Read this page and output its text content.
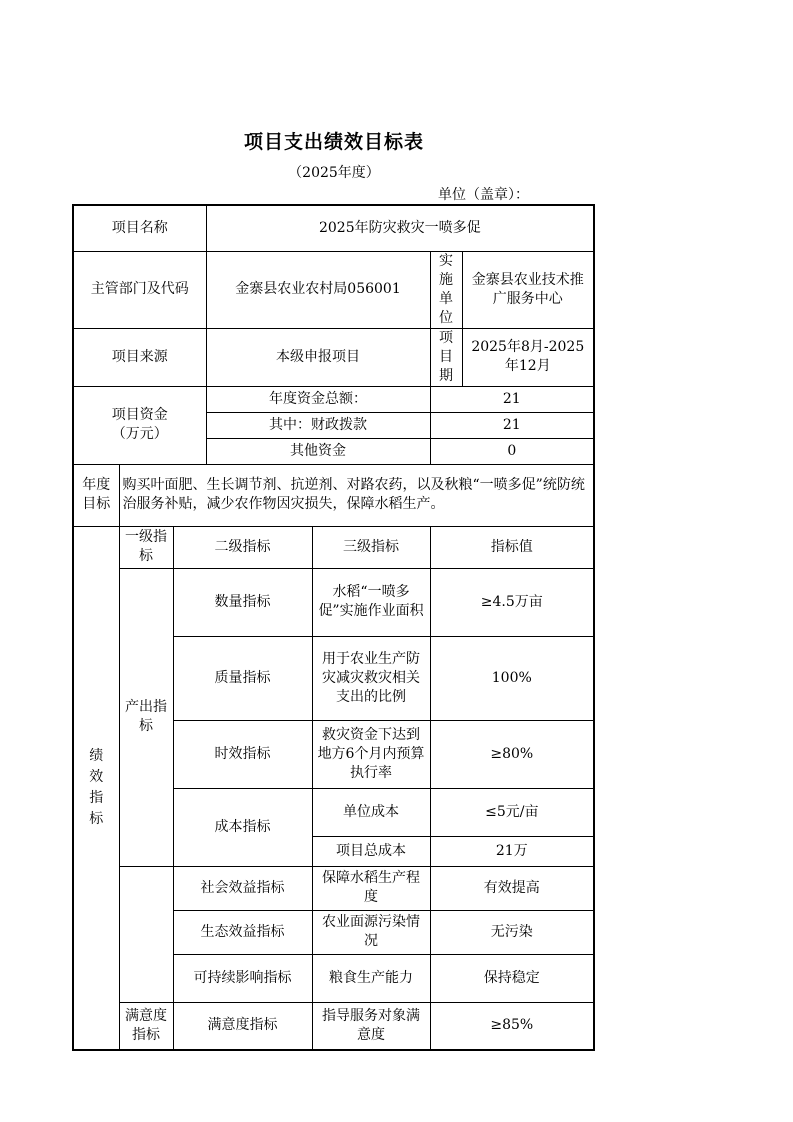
项目支出绩效目标表
（2025年度）
单位（盖章）：
项目名称			2025年防灾救灾一喷多促			
主管部门及代码			金寨县农业农村局056001		实施单位	金寨县农业技术推广服务中心
项目来源			本级申报项目		项目期	2025年8月-2025年12月

项目资金
（万元）			年度资金总额：		21	
			其中：财政拨款		21	
			其他资金		0	
年度目标	购买叶面肥、生长调节剂、抗逆剂、对路农药，以及秋粮“一喷多促”统防统治服务补贴，减少农作物因灾损失，保障水稻生产。					

绩效指标	一级指标	二级指标		三级指标	指标值	
	产出指标	数量指标		水稻“一喷多促”实施作业面积	≥4.5万亩	
		质量指标		用于农业生产防灾减灾救灾相关支出的比例	100%	
		时效指标		救灾资金下达到地方6个月内预算执行率	≥80%	
		成本指标		单位成本	≤5元/亩	
				项目总成本	21万	
		社会效益指标		保障水稻生产程度	有效提高	
		生态效益指标		农业面源污染情况	无污染	
		可持续影响指标		粮食生产能力	保持稳定	
	满意度指标	满意度指标		指导服务对象满意度	≥85%	
